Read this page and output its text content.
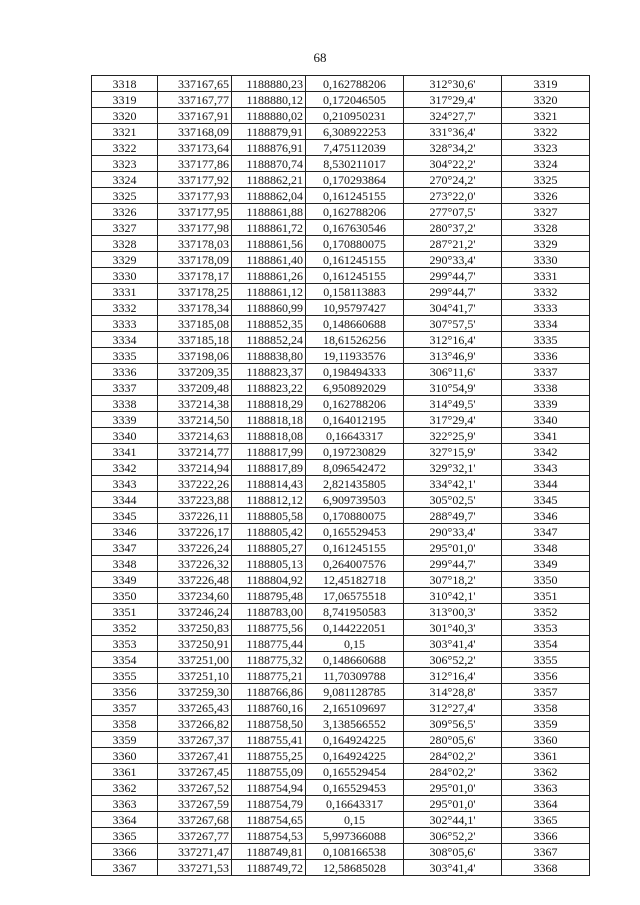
68
3318	337167,65	1188880,23	0,162788206	312°30,6'	3319
3319	337167,77	1188880,12	0,172046505	317°29,4'	3320
3320	337167,91	1188880,02	0,210950231	324°27,7'	3321
3321	337168,09	1188879,91	6,308922253	331°36,4'	3322
3322	337173,64	1188876,91	7,475112039	328°34,2'	3323
3323	337177,86	1188870,74	8,530211017	304°22,2'	3324
3324	337177,92	1188862,21	0,170293864	270°24,2'	3325
3325	337177,93	1188862,04	0,161245155	273°22,0'	3326
3326	337177,95	1188861,88	0,162788206	277°07,5'	3327
3327	337177,98	1188861,72	0,167630546	280°37,2'	3328
3328	337178,03	1188861,56	0,170880075	287°21,2'	3329
3329	337178,09	1188861,40	0,161245155	290°33,4'	3330
3330	337178,17	1188861,26	0,161245155	299°44,7'	3331
3331	337178,25	1188861,12	0,158113883	299°44,7'	3332
3332	337178,34	1188860,99	10,95797427	304°41,7'	3333
3333	337185,08	1188852,35	0,148660688	307°57,5'	3334
3334	337185,18	1188852,24	18,61526256	312°16,4'	3335
3335	337198,06	1188838,80	19,11933576	313°46,9'	3336
3336	337209,35	1188823,37	0,198494333	306°11,6'	3337
3337	337209,48	1188823,22	6,950892029	310°54,9'	3338
3338	337214,38	1188818,29	0,162788206	314°49,5'	3339
3339	337214,50	1188818,18	0,164012195	317°29,4'	3340
3340	337214,63	1188818,08	0,16643317	322°25,9'	3341
3341	337214,77	1188817,99	0,197230829	327°15,9'	3342
3342	337214,94	1188817,89	8,096542472	329°32,1'	3343
3343	337222,26	1188814,43	2,821435805	334°42,1'	3344
3344	337223,88	1188812,12	6,909739503	305°02,5'	3345
3345	337226,11	1188805,58	0,170880075	288°49,7'	3346
3346	337226,17	1188805,42	0,165529453	290°33,4'	3347
3347	337226,24	1188805,27	0,161245155	295°01,0'	3348
3348	337226,32	1188805,13	0,264007576	299°44,7'	3349
3349	337226,48	1188804,92	12,45182718	307°18,2'	3350
3350	337234,60	1188795,48	17,06575518	310°42,1'	3351
3351	337246,24	1188783,00	8,741950583	313°00,3'	3352
3352	337250,83	1188775,56	0,144222051	301°40,3'	3353
3353	337250,91	1188775,44	0,15	303°41,4'	3354
3354	337251,00	1188775,32	0,148660688	306°52,2'	3355
3355	337251,10	1188775,21	11,70309788	312°16,4'	3356
3356	337259,30	1188766,86	9,081128785	314°28,8'	3357
3357	337265,43	1188760,16	2,165109697	312°27,4'	3358
3358	337266,82	1188758,50	3,138566552	309°56,5'	3359
3359	337267,37	1188755,41	0,164924225	280°05,6'	3360
3360	337267,41	1188755,25	0,164924225	284°02,2'	3361
3361	337267,45	1188755,09	0,165529454	284°02,2'	3362
3362	337267,52	1188754,94	0,165529453	295°01,0'	3363
3363	337267,59	1188754,79	0,16643317	295°01,0'	3364
3364	337267,68	1188754,65	0,15	302°44,1'	3365
3365	337267,77	1188754,53	5,997366088	306°52,2'	3366
3366	337271,47	1188749,81	0,108166538	308°05,6'	3367
3367	337271,53	1188749,72	12,58685028	303°41,4'	3368
